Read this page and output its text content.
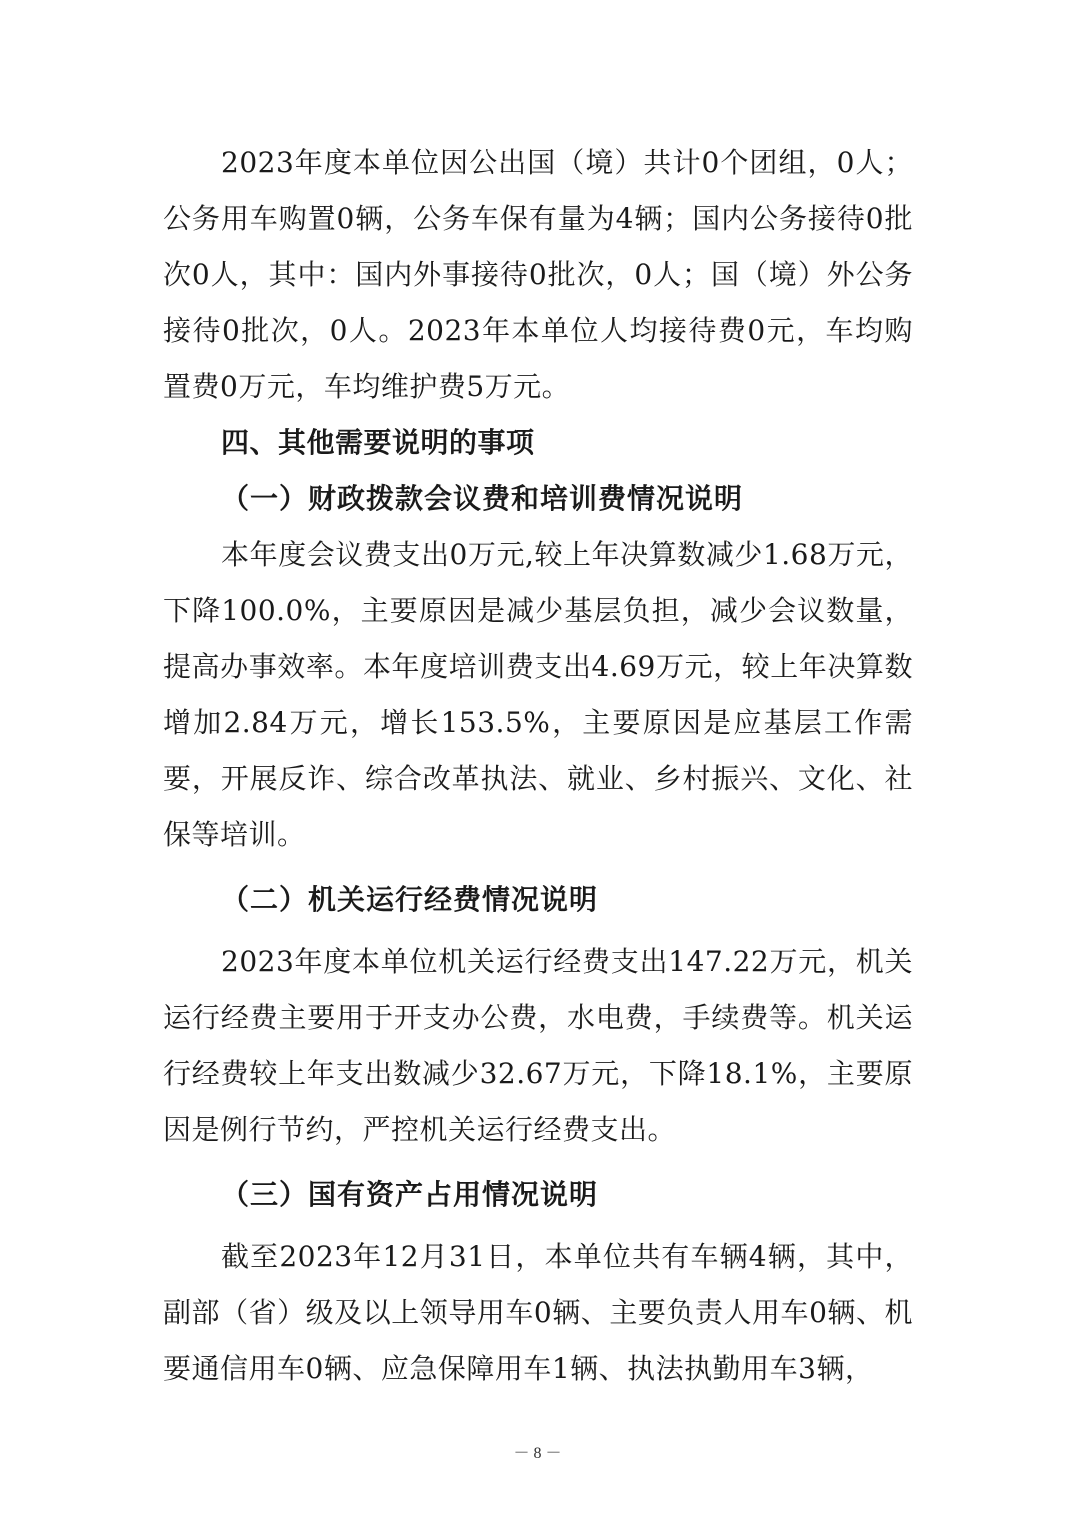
2023年度本单位因公出国（境）共计0个团组，0人；公务用车购置0辆，公务车保有量为4辆；国内公务接待0批次0人，其中：国内外事接待0批次，0人；国（境）外公务接待0批次，0人。2023年本单位人均接待费0元，车均购置费0万元，车均维护费5万元。

四、其他需要说明的事项

（一）财政拨款会议费和培训费情况说明

本年度会议费支出0万元,较上年决算数减少1.68万元，下降100.0%，主要原因是减少基层负担，减少会议数量，提高办事效率。本年度培训费支出4.69万元，较上年决算数增加2.84万元，增长153.5%，主要原因是应基层工作需要，开展反诈、综合改革执法、就业、乡村振兴、文化、社保等培训。

（二）机关运行经费情况说明

2023年度本单位机关运行经费支出147.22万元，机关运行经费主要用于开支办公费，水电费，手续费等。机关运行经费较上年支出数减少32.67万元，下降18.1%，主要原因是例行节约，严控机关运行经费支出。

（三）国有资产占用情况说明

截至2023年12月31日，本单位共有车辆4辆，其中，副部（省）级及以上领导用车0辆、主要负责人用车0辆、机要通信用车0辆、应急保障用车1辆、执法执勤用车3辆，

－ 8 －
